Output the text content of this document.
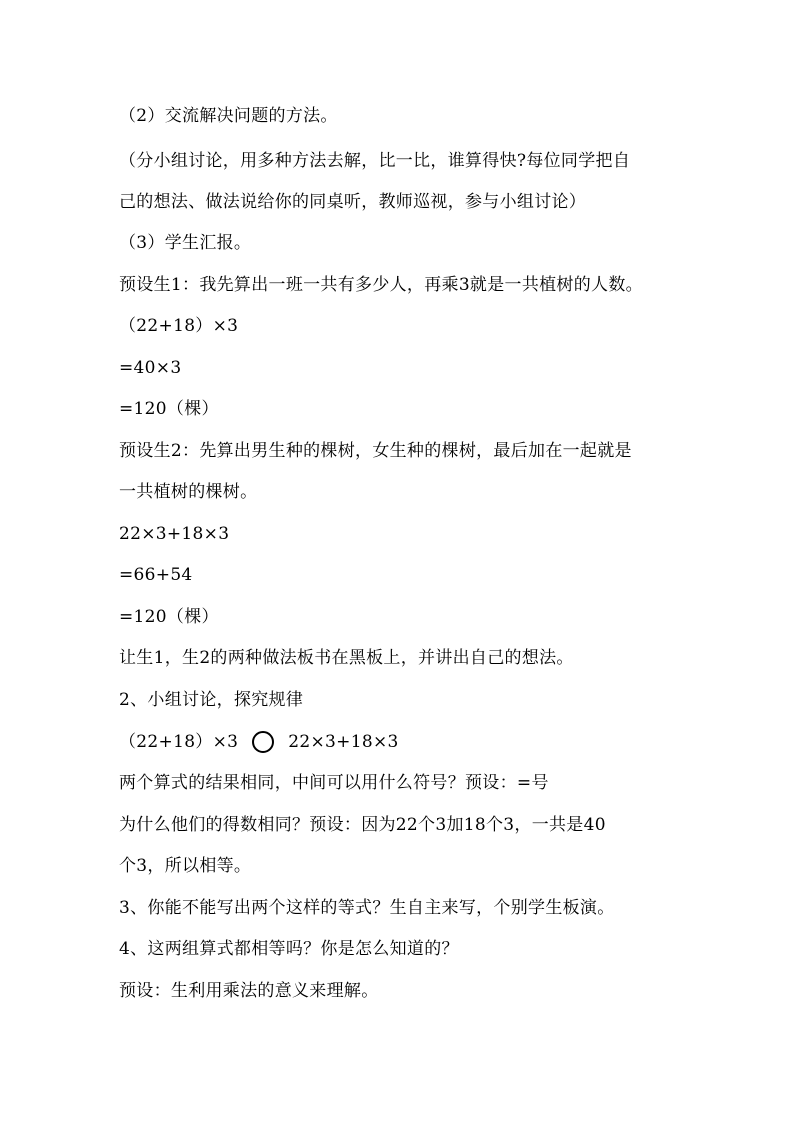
（2）交流解决问题的方法。
（分小组讨论，用多种方法去解，比一比，谁算得快?每位同学把自
己的想法、做法说给你的同桌听，教师巡视，参与小组讨论）
（3）学生汇报。
预设生1：我先算出一班一共有多少人，再乘3就是一共植树的人数。
（22+18）×3
=40×3
=120（棵）
预设生2：先算出男生种的棵树，女生种的棵树，最后加在一起就是
一共植树的棵树。
22×3+18×3
=66+54
=120（棵）
让生1，生2的两种做法板书在黑板上，并讲出自己的想法。
2、小组讨论，探究规律
（22+18）×3	22×3+18×3
两个算式的结果相同，中间可以用什么符号？预设：=号
为什么他们的得数相同？预设：因为22个3加18个3，一共是40
个3，所以相等。
3、你能不能写出两个这样的等式？生自主来写，个别学生板演。
4、这两组算式都相等吗？你是怎么知道的？
预设：生利用乘法的意义来理解。
